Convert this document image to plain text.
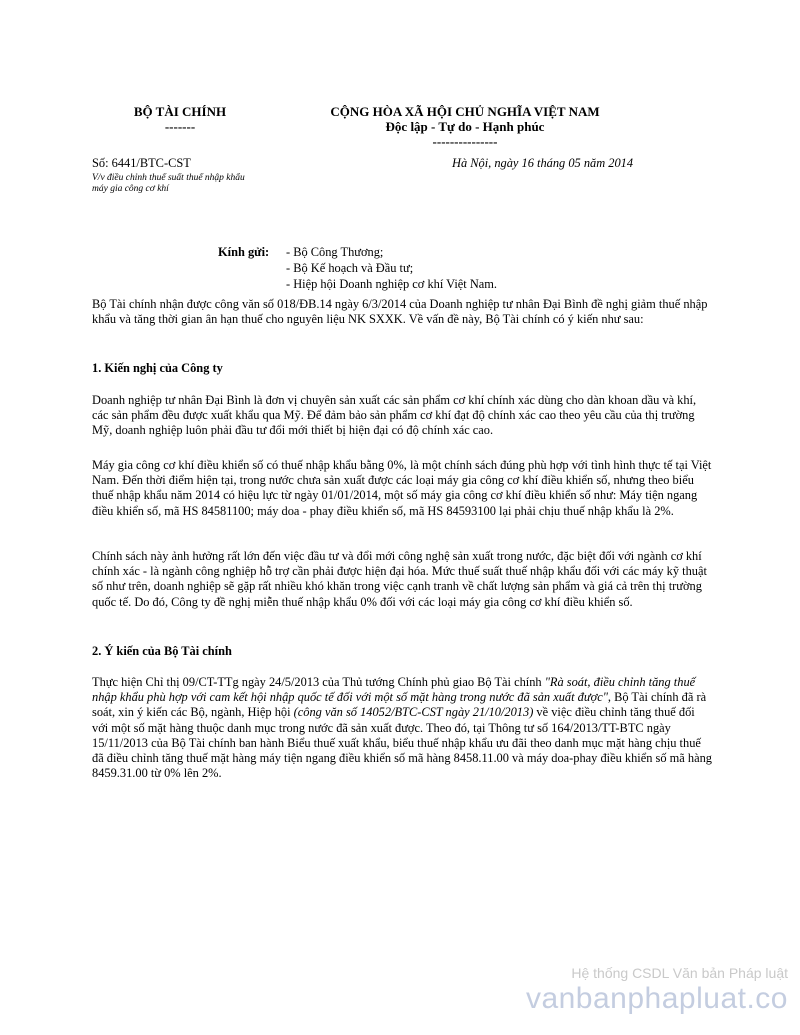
BỘ TÀI CHÍNH
-------
CỘNG HÒA XÃ HỘI CHỦ NGHĨA VIỆT NAM
Độc lập - Tự do - Hạnh phúc
---------------
Số: 6441/BTC-CST
V/v điều chỉnh thuế suất thuế nhập khẩu
máy gia công cơ khí
Hà Nội, ngày 16 tháng 05 năm 2014
Kính gửi: - Bộ Công Thương;
- Bộ Kế hoạch và Đầu tư;
- Hiệp hội Doanh nghiệp cơ khí Việt Nam.
Bộ Tài chính nhận được công văn số 018/ĐB.14 ngày 6/3/2014 của Doanh nghiệp tư nhân Đại Bình đề nghị giảm thuế nhập khẩu và tăng thời gian ân hạn thuế cho nguyên liệu NK SXXK. Về vấn đề này, Bộ Tài chính có ý kiến như sau:
1. Kiến nghị của Công ty
Doanh nghiệp tư nhân Đại Bình là đơn vị chuyên sản xuất các sản phẩm cơ khí chính xác dùng cho dàn khoan dầu và khí, các sản phẩm đều được xuất khẩu qua Mỹ. Để đảm bảo sản phẩm cơ khí đạt độ chính xác cao theo yêu cầu của thị trường Mỹ, doanh nghiệp luôn phải đầu tư đổi mới thiết bị hiện đại có độ chính xác cao.
Máy gia công cơ khí điều khiển số có thuế nhập khẩu bằng 0%, là một chính sách đúng phù hợp với tình hình thực tế tại Việt Nam. Đến thời điểm hiện tại, trong nước chưa sản xuất được các loại máy gia công cơ khí điều khiển số, nhưng theo biểu thuế nhập khẩu năm 2014 có hiệu lực từ ngày 01/01/2014, một số máy gia công cơ khí điều khiển số như: Máy tiện ngang điều khiển số, mã HS 84581100; máy doa - phay điều khiển số, mã HS 84593100 lại phải chịu thuế nhập khẩu là 2%.
Chính sách này ảnh hưởng rất lớn đến việc đầu tư và đổi mới công nghệ sản xuất trong nước, đặc biệt đối với ngành cơ khí chính xác - là ngành công nghiệp hỗ trợ cần phải được hiện đại hóa. Mức thuế suất thuế nhập khẩu đối với các máy kỹ thuật số như trên, doanh nghiệp sẽ gặp rất nhiều khó khăn trong việc cạnh tranh về chất lượng sản phẩm và giá cả trên thị trường quốc tế. Do đó, Công ty đề nghị miễn thuế nhập khẩu 0% đối với các loại máy gia công cơ khí điều khiển số.
2. Ý kiến của Bộ Tài chính
Thực hiện Chỉ thị 09/CT-TTg ngày 24/5/2013 của Thủ tướng Chính phủ giao Bộ Tài chính "Rà soát, điều chỉnh tăng thuế nhập khẩu phù hợp với cam kết hội nhập quốc tế đối với một số mặt hàng trong nước đã sản xuất được", Bộ Tài chính đã rà soát, xin ý kiến các Bộ, ngành, Hiệp hội (công văn số 14052/BTC-CST ngày 21/10/2013) về việc điều chỉnh tăng thuế đối với một số mặt hàng thuộc danh mục trong nước đã sản xuất được. Theo đó, tại Thông tư số 164/2013/TT-BTC ngày 15/11/2013 của Bộ Tài chính ban hành Biểu thuế xuất khẩu, biểu thuế nhập khẩu ưu đãi theo danh mục mặt hàng chịu thuế đã điều chỉnh tăng thuế mặt hàng máy tiện ngang điều khiển số mã hàng 8458.11.00 và máy doa-phay điều khiển số mã hàng 8459.31.00 từ 0% lên 2%.
Hệ thống CSDL Văn bản Pháp luật
vanbanphapluat.co
